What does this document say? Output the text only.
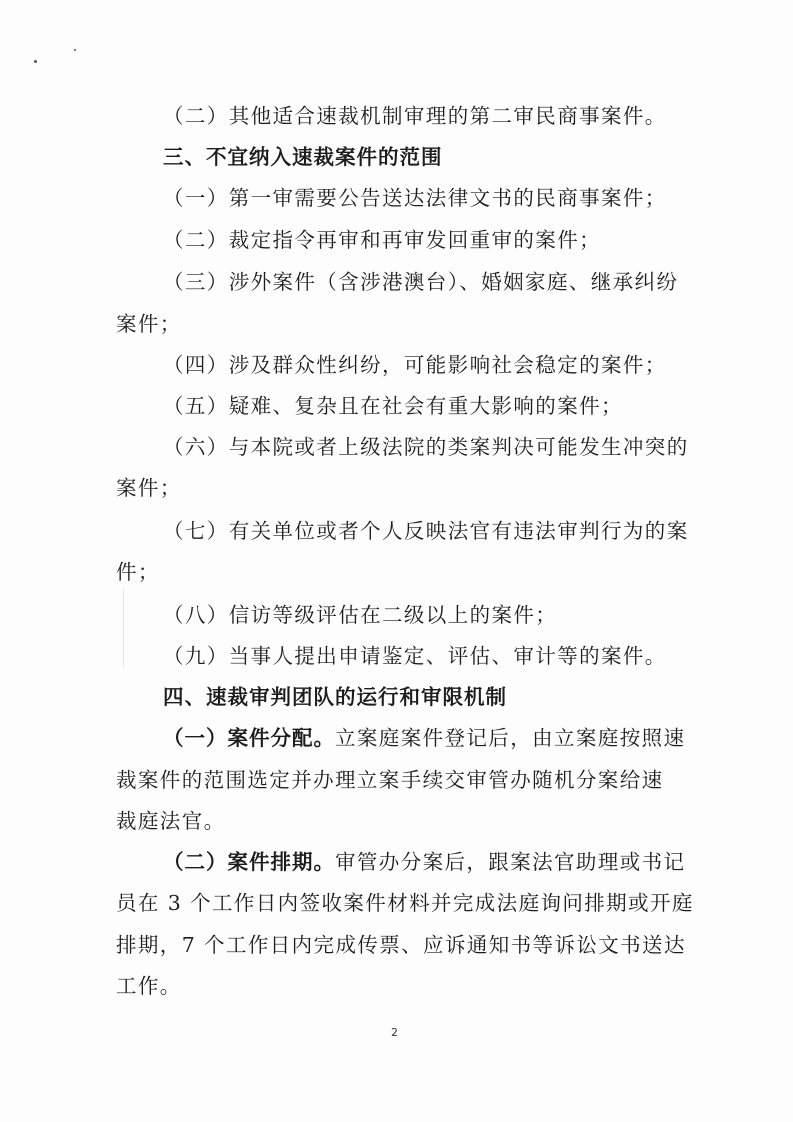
（二）其他适合速裁机制审理的第二审民商事案件。
三、不宜纳入速裁案件的范围
（一）第一审需要公告送达法律文书的民商事案件；
（二）裁定指令再审和再审发回重审的案件；
（三）涉外案件（含涉港澳台）、婚姻家庭、继承纠纷
案件；
（四）涉及群众性纠纷，可能影响社会稳定的案件；
（五）疑难、复杂且在社会有重大影响的案件；
（六）与本院或者上级法院的类案判决可能发生冲突的
案件；
（七）有关单位或者个人反映法官有违法审判行为的案
件；
（八）信访等级评估在二级以上的案件；
（九）当事人提出申请鉴定、评估、审计等的案件。
四、速裁审判团队的运行和审限机制
（一）案件分配。立案庭案件登记后，由立案庭按照速
裁案件的范围选定并办理立案手续交审管办随机分案给速
裁庭法官。
（二）案件排期。审管办分案后，跟案法官助理或书记
员在 3 个工作日内签收案件材料并完成法庭询问排期或开庭
排期，7 个工作日内完成传票、应诉通知书等诉讼文书送达
工作。
2
